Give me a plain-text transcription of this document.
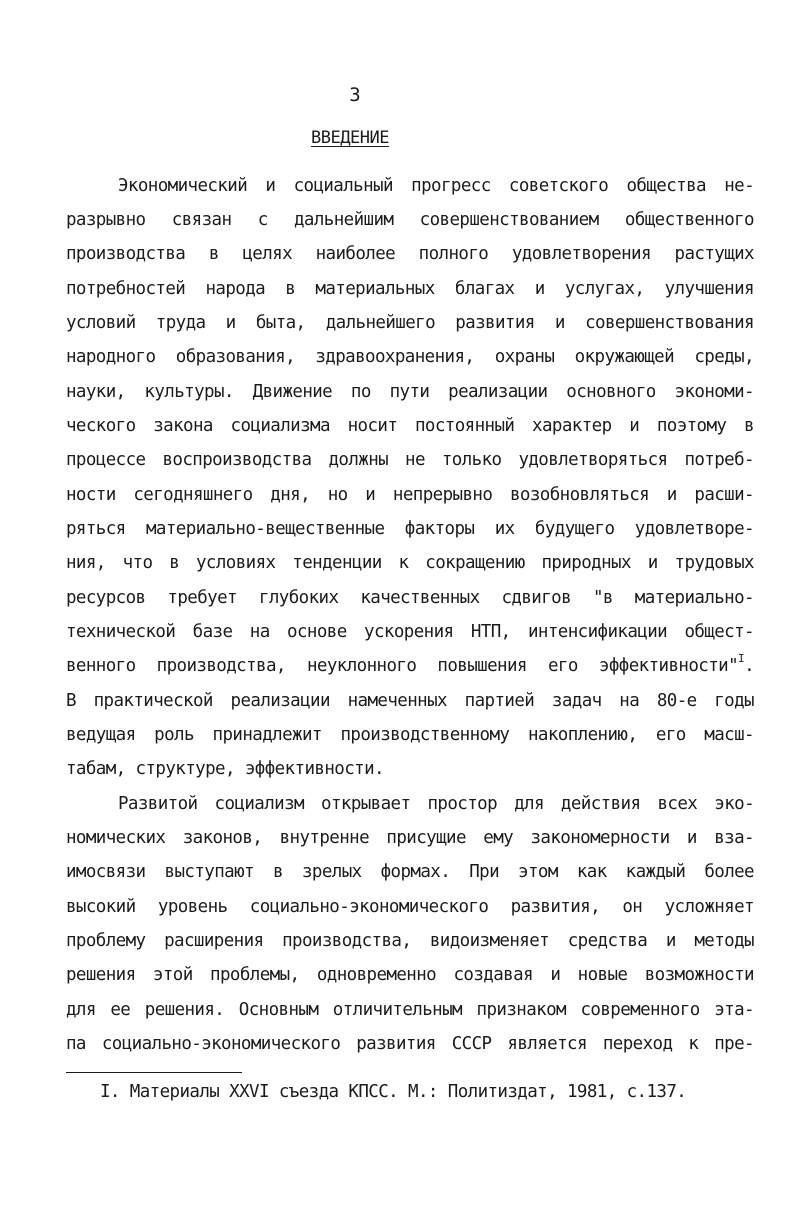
3
ВВЕДЕНИЕ
Экономический и социальный прогресс советского общества не-
разрывно связан с дальнейшим совершенствованием общественного
производства в целях наиболее полного удовлетворения растущих
потребностей народа в материальных благах и услугах, улучшения
условий труда и быта, дальнейшего развития и совершенствования
народного образования, здравоохранения, охраны окружающей среды,
науки, культуры. Движение по пути реализации основного экономи-
ческого закона социализма носит постоянный характер и поэтому в
процессе воспроизводства должны не только удовлетворяться потреб-
ности сегодняшнего дня, но и непрерывно возобновляться и расши-
ряться материально-вещественные факторы их будущего удовлетворе-
ния, что в условиях тенденции к сокращению природных и трудовых
ресурсов требует глубоких качественных сдвигов "в материально-
технической базе на основе ускорения НТП, интенсификации общест-
венного производства, неуклонного повышения его эффективности"$^I$.
В практической реализации намеченных партией задач на 80-е годы
ведущая роль принадлежит производственному накоплению, его масш-
табам, структуре, эффективности.
Развитой социализм открывает простор для действия всех эко-
номических законов, внутренне присущие ему закономерности и вза-
имосвязи выступают в зрелых формах. При этом как каждый более
высокий уровень социально-экономического развития, он усложняет
проблему расширения производства, видоизменяет средства и методы
решения этой проблемы, одновременно создавая и новые возможности
для ее решения. Основным отличительным признаком современного эта-
па социально-экономического развития СССР является переход к пре-
I. Материалы XXVI съезда КПСС. М.: Политиздат, 1981, с.137.
